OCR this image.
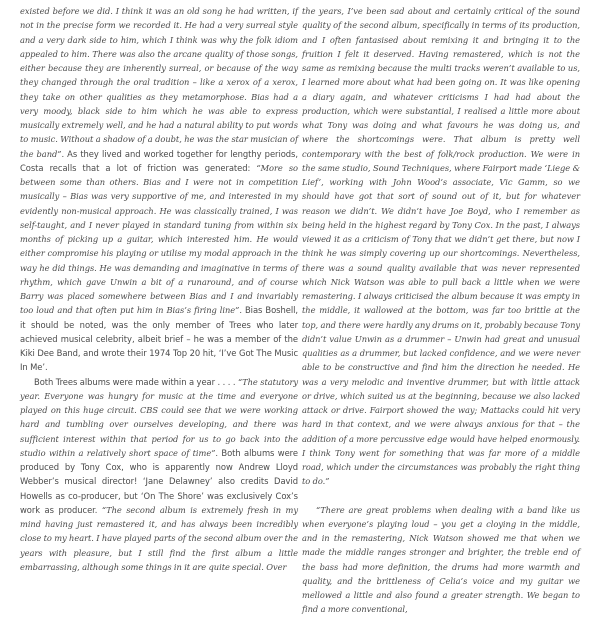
existed before we did. I think it was an old song he had written, if not in the precise form we recorded it. He had a very surreal style and a very dark side to him, which I think was why the folk idiom appealed to him. There was also the arcane quality of those songs, either because they are inherently surreal, or because of the way they changed through the oral tradition – like a xerox of a xerox, they take on other qualities as they metamorphose. Bias had a very moody, black side to him which he was able to express musically extremely well, and he had a natural ability to put words to music. Without a shadow of a doubt, he was the star musician of the band”. As they lived and worked together for lengthy periods, Costa recalls that a lot of friction was generated: “More so between some than others. Bias and I were not in competition musically – Bias was very supportive of me, and interested in my evidently non-musical approach. He was classically trained, I was self-taught, and I never played in standard tuning from within six months of picking up a guitar, which interested him. He would either compromise his playing or utilise my modal approach in the way he did things. He was demanding and imaginative in terms of rhythm, which gave Unwin a bit of a runaround, and of course Barry was placed somewhere between Bias and I and invariably too loud and that often put him in Bias’s firing line”. Bias Boshell, it should be noted, was the only member of Trees who later achieved musical celebrity, albeit brief – he was a member of the Kiki Dee Band, and wrote their 1974 Top 20 hit, ‘I’ve Got The Music In Me’.

Both Trees albums were made within a year . . . . “The statutory year. Everyone was hungry for music at the time and everyone played on this huge circuit. CBS could see that we were working hard and tumbling over ourselves developing, and there was sufficient interest within that period for us to go back into the studio within a relatively short space of time”. Both albums were produced by Tony Cox, who is apparently now Andrew Lloyd Webber’s musical director! ‘Jane Delawney’ also credits David Howells as co-producer, but ‘On The Shore’ was exclusively Cox’s work as producer. “The second album is extremely fresh in my mind having just remastered it, and has always been incredibly close to my heart. I have played parts of the second album over the years with pleasure, but I still find the first album a little embarrassing, although some things in it are quite special. Over

the years, I’ve been sad about and certainly critical of the sound quality of the second album, specifically in terms of its production, and I often fantasised about remixing it and bringing it to the fruition I felt it deserved. Having remastered, which is not the same as remixing because the multi tracks weren’t available to us, I learned more about what had been going on. It was like opening a diary again, and whatever criticisms I had had about the production, which were substantial, I realised a little more about what Tony was doing and what favours he was doing us, and where the shortcomings were. That album is pretty well contemporary with the best of folk/rock production. We were in the same studio, Sound Techniques, where Fairport made ‘Liege & Lief’, working with John Wood’s associate, Vic Gamm, so we should have got that sort of sound out of it, but for whatever reason we didn’t. We didn’t have Joe Boyd, who I remember as being held in the highest regard by Tony Cox. In the past, I always viewed it as a criticism of Tony that we didn’t get there, but now I think he was simply covering up our shortcomings. Nevertheless, there was a sound quality available that was never represented which Nick Watson was able to pull back a little when we were remastering. I always criticised the album because it was empty in the middle, it wallowed at the bottom, was far too brittle at the top, and there were hardly any drums on it, probably because Tony didn’t value Unwin as a drummer – Unwin had great and unusual qualities as a drummer, but lacked confidence, and we were never able to be constructive and find him the direction he needed. He was a very melodic and inventive drummer, but with little attack or drive, which suited us at the beginning, because we also lacked attack or drive. Fairport showed the way; Mattacks could hit very hard in that context, and we were always anxious for that – the addition of a more percussive edge would have helped enormously. I think Tony went for something that was far more of a middle road, which under the circumstances was probably the right thing to do.”

“There are great problems when dealing with a band like us when everyone’s playing loud – you get a cloying in the middle, and in the remastering, Nick Watson showed me that when we made the middle ranges stronger and brighter, the treble end of the bass had more definition, the drums had more warmth and quality, and the brittleness of Celia’s voice and my guitar we mellowed a little and also found a greater strength. We began to find a more conventional,
